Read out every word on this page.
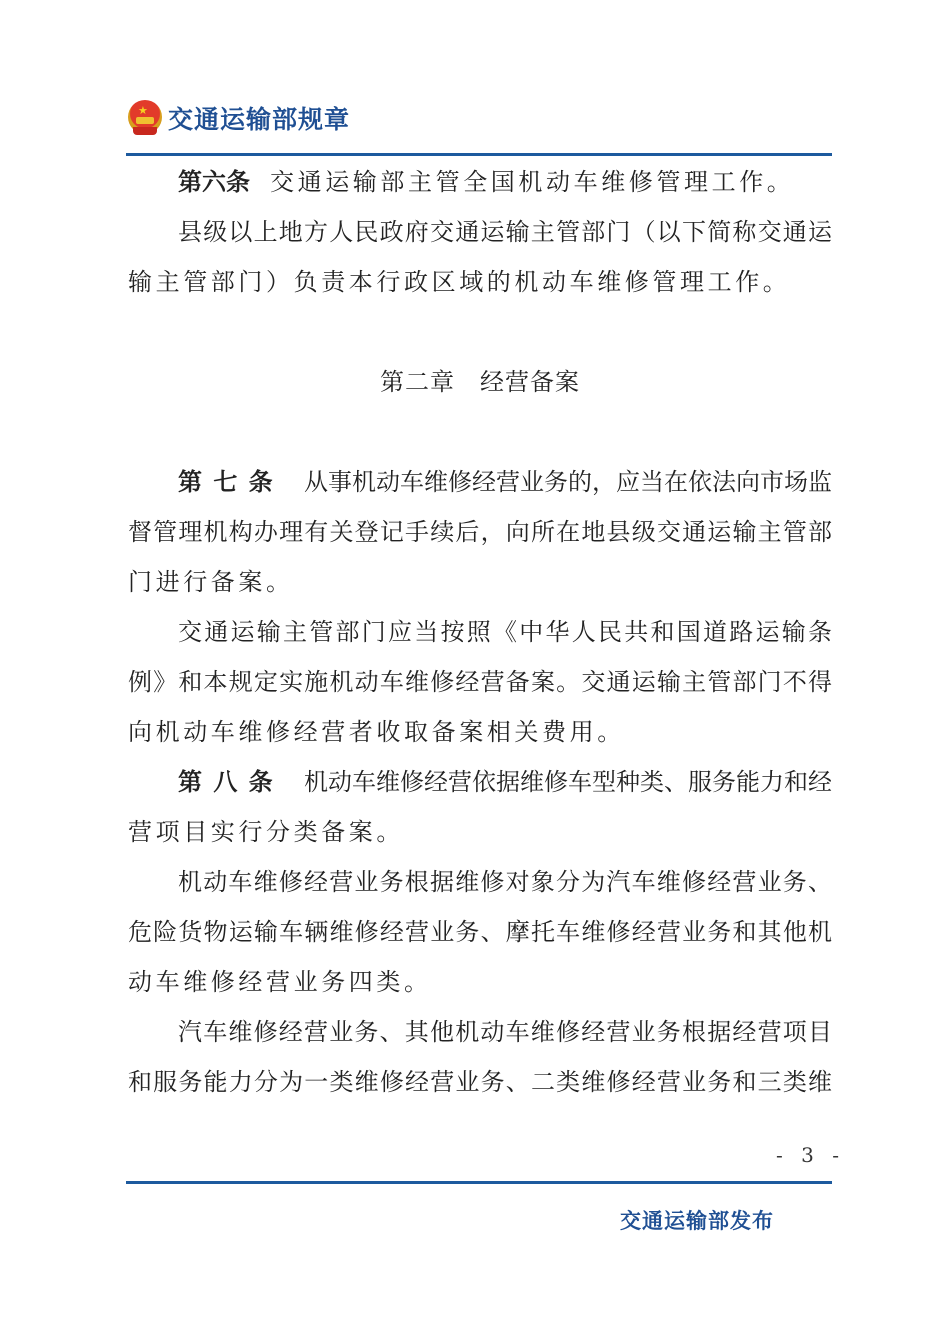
★ 交通运输部规章
第六条 交通运输部主管全国机动车维修管理工作。
县级以上地方人民政府交通运输主管部门（以下简称交通运
输主管部门）负责本行政区域的机动车维修管理工作。
第二章　经营备案
第七条 从事机动车维修经营业务的，应当在依法向市场监
督管理机构办理有关登记手续后，向所在地县级交通运输主管部
门进行备案。
交通运输主管部门应当按照《中华人民共和国道路运输条
例》和本规定实施机动车维修经营备案。交通运输主管部门不得
向机动车维修经营者收取备案相关费用。
第八条 机动车维修经营依据维修车型种类、服务能力和经
营项目实行分类备案。
机动车维修经营业务根据维修对象分为汽车维修经营业务、
危险货物运输车辆维修经营业务、摩托车维修经营业务和其他机
动车维修经营业务四类。
汽车维修经营业务、其他机动车维修经营业务根据经营项目
和服务能力分为一类维修经营业务、二类维修经营业务和三类维
- 3 -
交通运输部发布
